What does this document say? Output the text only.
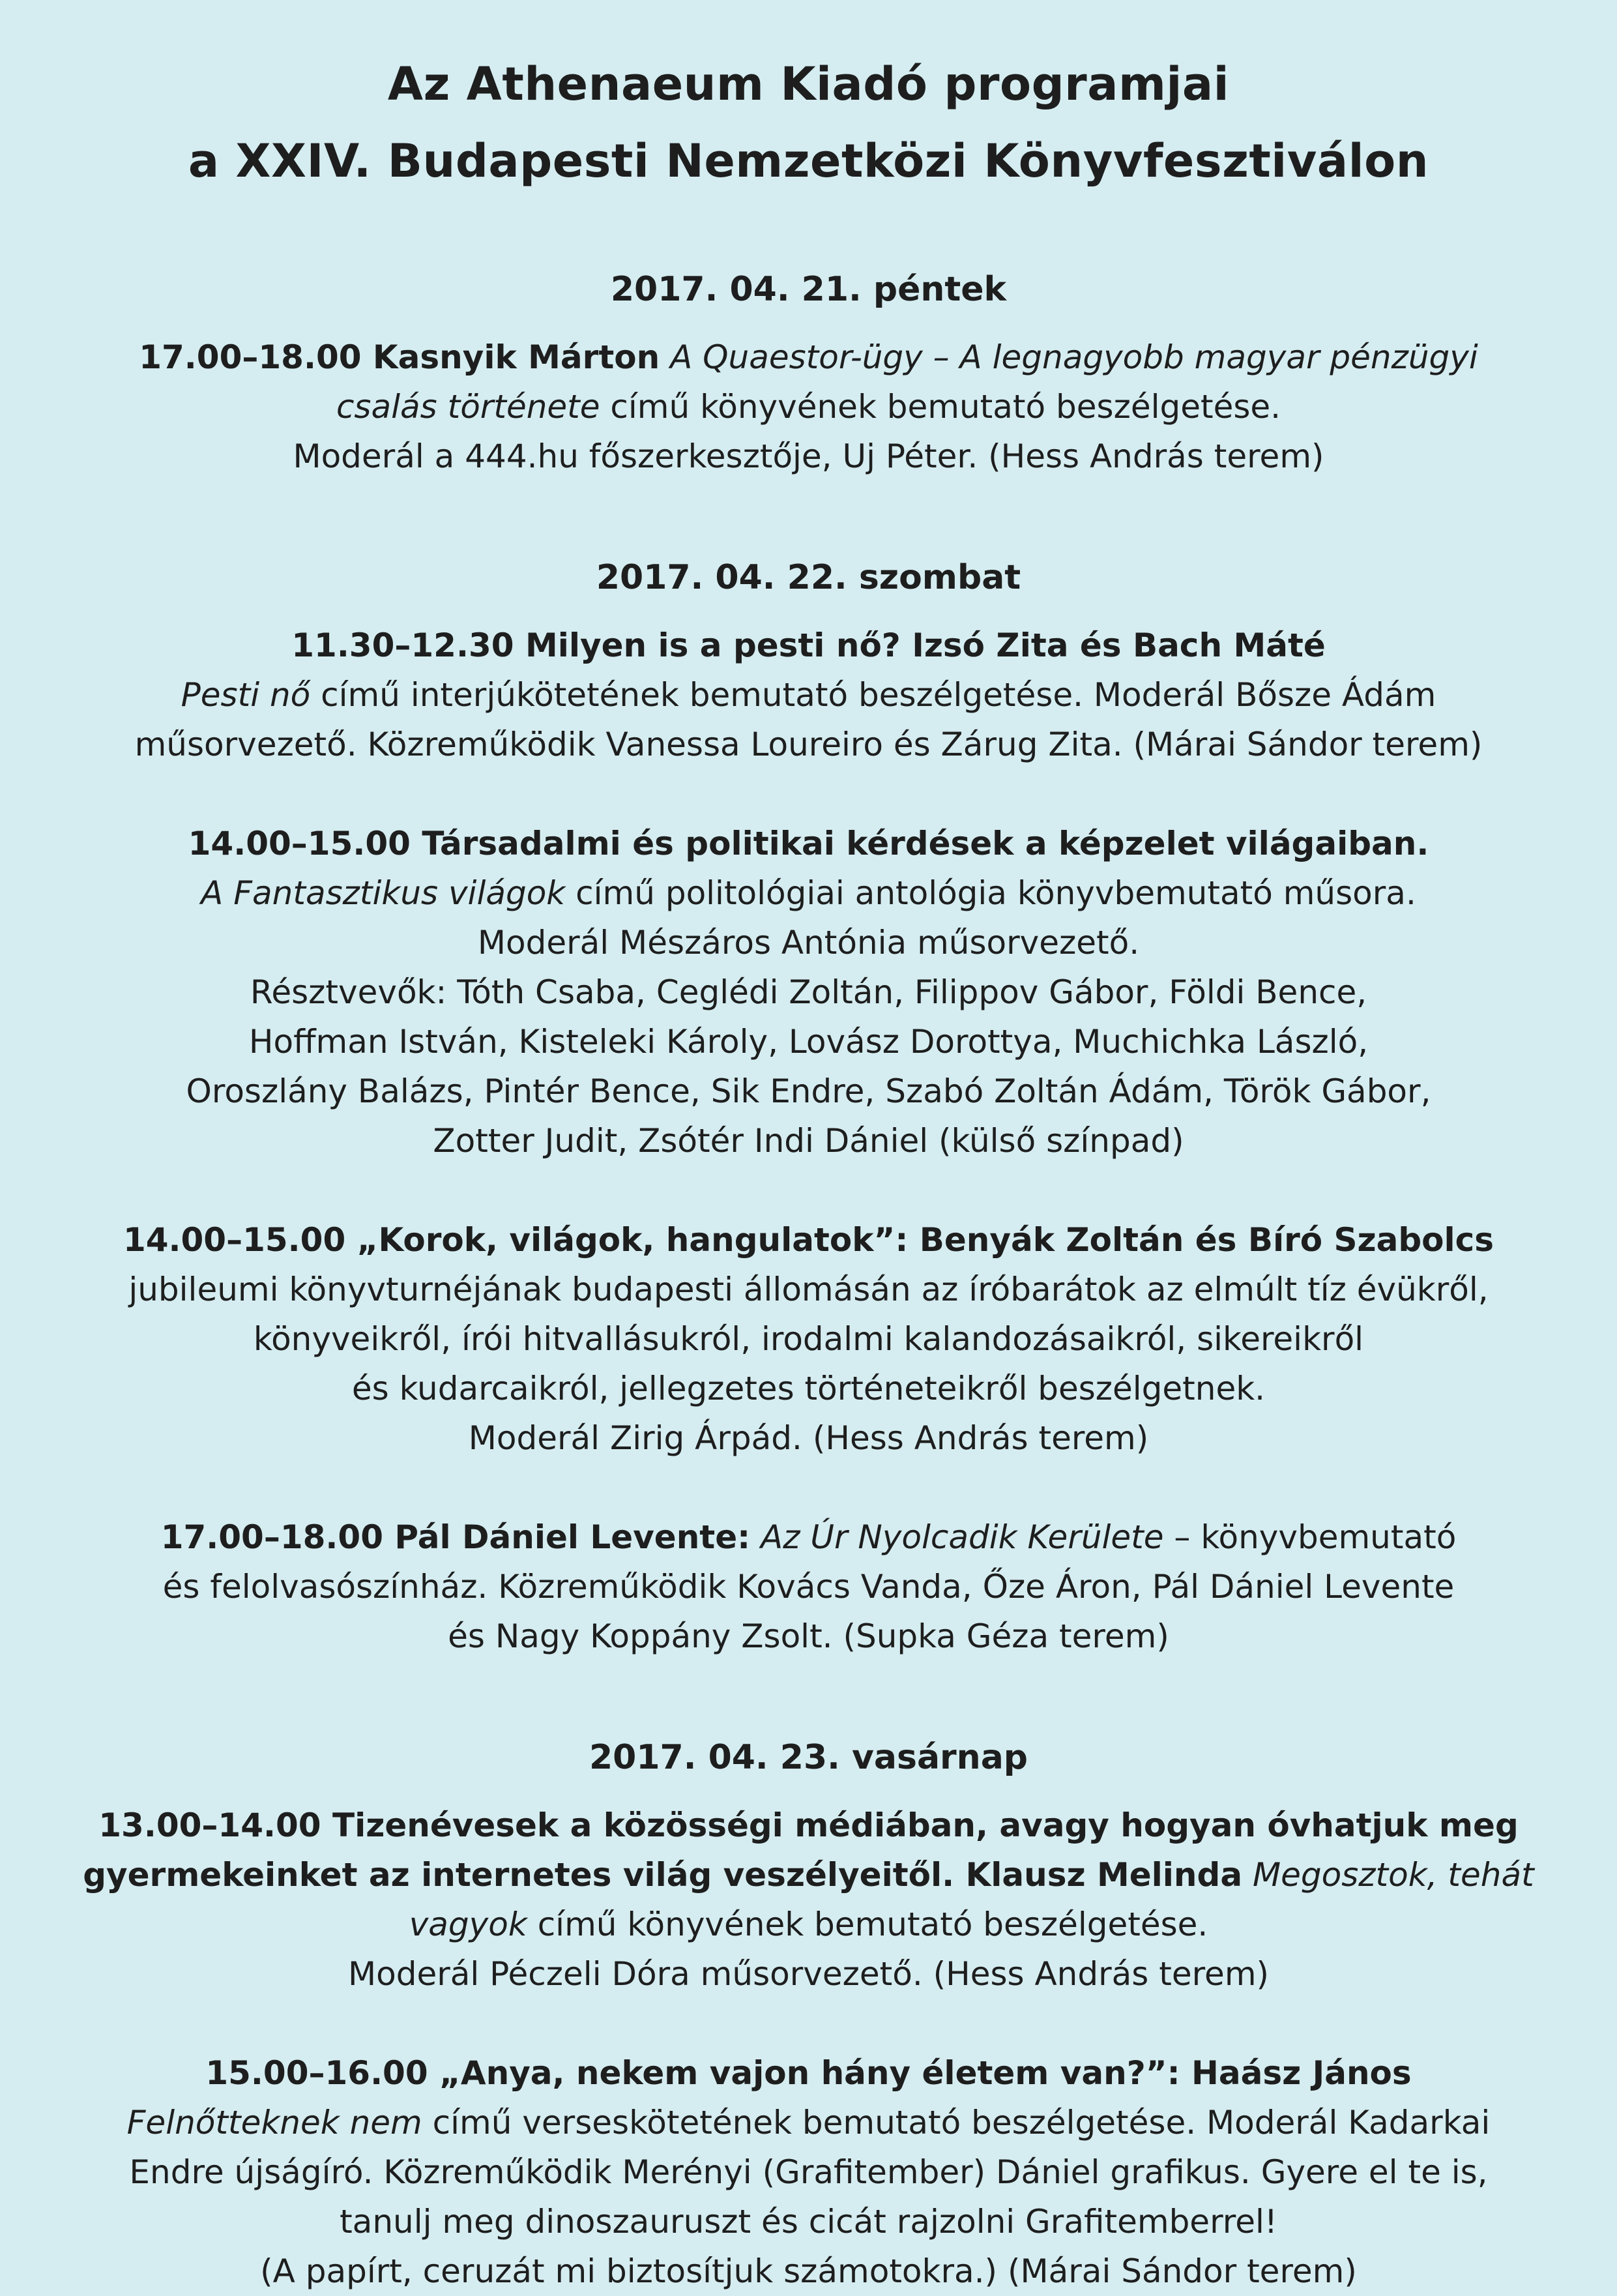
Az Athenaeum Kiadó programjai
a XXIV. Budapesti Nemzetközi Könyvfesztiválon
2017. 04. 21. péntek
17.00–18.00 Kasnyik Márton A Quaestor-ügy – A legnagyobb magyar pénzügyi
csalás története című könyvének bemutató beszélgetése.
Moderál a 444.hu főszerkesztője, Uj Péter. (Hess András terem)
2017. 04. 22. szombat
11.30–12.30 Milyen is a pesti nő? Izsó Zita és Bach Máté
Pesti nő című interjúkötetének bemutató beszélgetése. Moderál Bősze Ádám
műsorvezető. Közreműködik Vanessa Loureiro és Zárug Zita. (Márai Sándor terem)
14.00–15.00 Társadalmi és politikai kérdések a képzelet világaiban.
A Fantasztikus világok című politológiai antológia könyvbemutató műsora.
Moderál Mészáros Antónia műsorvezető.
Résztvevők: Tóth Csaba, Ceglédi Zoltán, Filippov Gábor, Földi Bence,
Hoffman István, Kisteleki Károly, Lovász Dorottya, Muchichka László,
Oroszlány Balázs, Pintér Bence, Sik Endre, Szabó Zoltán Ádám, Török Gábor,
Zotter Judit, Zsótér Indi Dániel (külső színpad)
14.00–15.00 „Korok, világok, hangulatok”: Benyák Zoltán és Bíró Szabolcs
jubileumi könyvturnéjának budapesti állomásán az íróbarátok az elmúlt tíz évükről,
könyveikről, írói hitvallásukról, irodalmi kalandozásaikról, sikereikről
és kudarcaikról, jellegzetes történeteikről beszélgetnek.
Moderál Zirig Árpád. (Hess András terem)
17.00–18.00 Pál Dániel Levente: Az Úr Nyolcadik Kerülete – könyvbemutató
és felolvasószínház. Közreműködik Kovács Vanda, Őze Áron, Pál Dániel Levente
és Nagy Koppány Zsolt. (Supka Géza terem)
2017. 04. 23. vasárnap
13.00–14.00 Tizenévesek a közösségi médiában, avagy hogyan óvhatjuk meg
gyermekeinket az internetes világ veszélyeitől. Klausz Melinda Megosztok, tehát
vagyok című könyvének bemutató beszélgetése.
Moderál Péczeli Dóra műsorvezető. (Hess András terem)
15.00–16.00 „Anya, nekem vajon hány életem van?”: Haász János
Felnőtteknek nem című verseskötetének bemutató beszélgetése. Moderál Kadarkai
Endre újságíró. Közreműködik Merényi (Grafitember) Dániel grafikus. Gyere el te is,
tanulj meg dinoszauruszt és cicát rajzolni Grafitemberrel!
(A papírt, ceruzát mi biztosítjuk számotokra.) (Márai Sándor terem)
